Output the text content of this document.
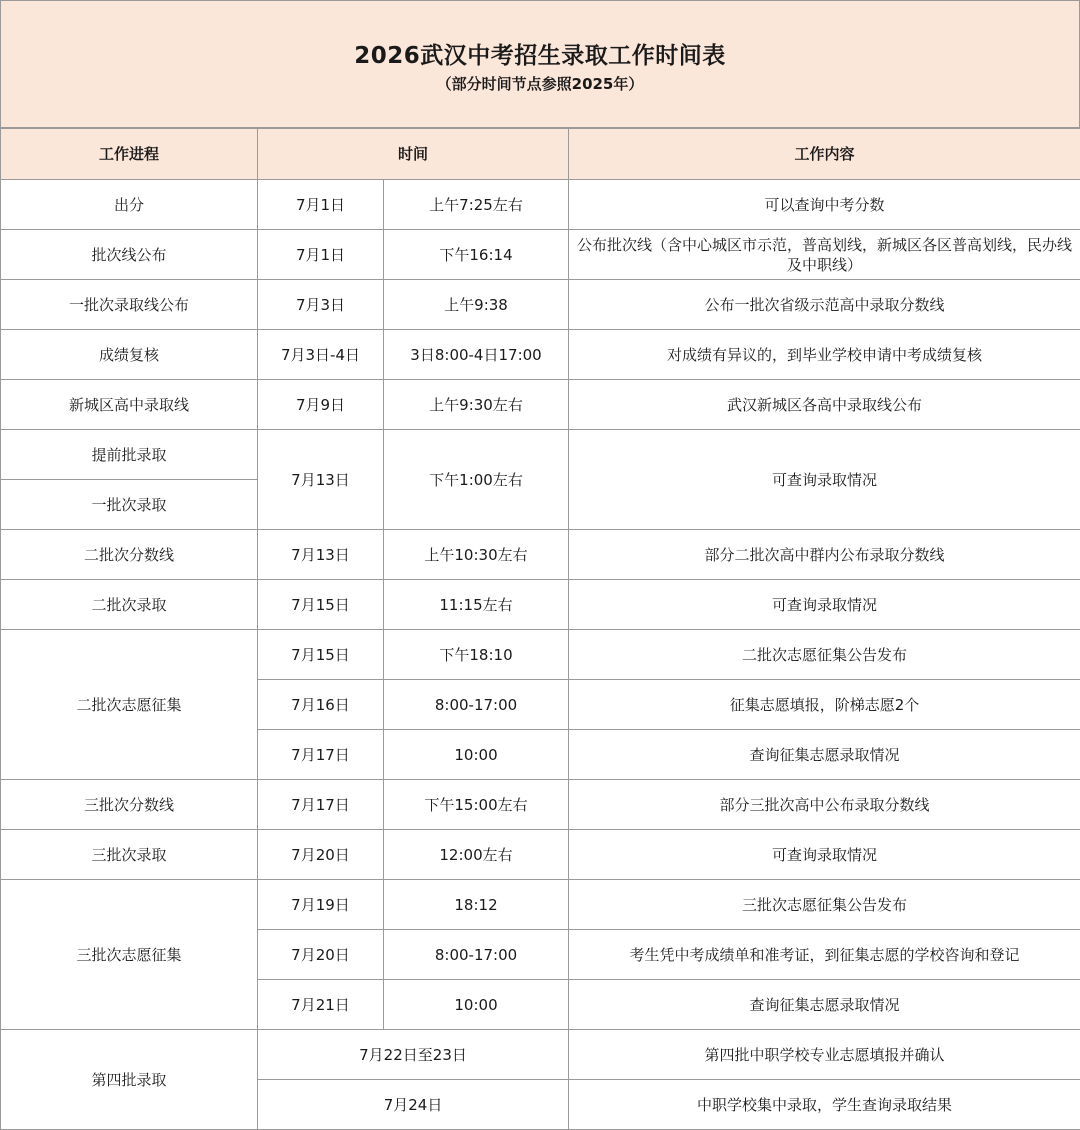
2026武汉中考招生录取工作时间表
（部分时间节点参照2025年）
工作进程	时间		工作内容
出分	7月1日	上午7:25左右	可以查询中考分数
批次线公布	7月1日	下午16:14	公布批次线（含中心城区市示范，普高划线，新城区各区普高划线，民办线及中职线）
一批次录取线公布	7月3日	上午9:38	公布一批次省级示范高中录取分数线
成绩复核	7月3日-4日	3日8:00-4日17:00	对成绩有异议的，到毕业学校申请中考成绩复核
新城区高中录取线	7月9日	上午9:30左右	武汉新城区各高中录取线公布
提前批录取	7月13日	下午1:00左右	可查询录取情况
一批次录取			
二批次分数线	7月13日	上午10:30左右	部分二批次高中群内公布录取分数线
二批次录取	7月15日	11:15左右	可查询录取情况
二批次志愿征集	7月15日	下午18:10	二批次志愿征集公告发布
	7月16日	8:00-17:00	征集志愿填报，阶梯志愿2个
	7月17日	10:00	查询征集志愿录取情况
三批次分数线	7月17日	下午15:00左右	部分三批次高中公布录取分数线
三批次录取	7月20日	12:00左右	可查询录取情况
三批次志愿征集	7月19日	18:12	三批次志愿征集公告发布
	7月20日	8:00-17:00	考生凭中考成绩单和准考证，到征集志愿的学校咨询和登记
	7月21日	10:00	查询征集志愿录取情况
第四批录取	7月22日至23日		第四批中职学校专业志愿填报并确认
	7月24日		中职学校集中录取，学生查询录取结果
